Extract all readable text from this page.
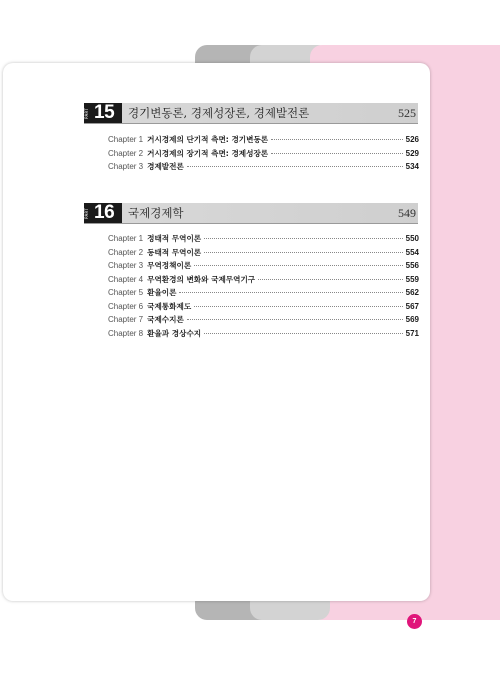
PART 15 경기변동론, 경제성장론, 경제발전론	525
Chapter 1 거시경제의 단기적 측면: 경기변동론	526
Chapter 2 거시경제의 장기적 측면: 경제성장론	529
Chapter 3 경제발전론	534
PART 16 국제경제학	549
Chapter 1 정태적 무역이론	550
Chapter 2 동태적 무역이론	554
Chapter 3 무역정책이론	556
Chapter 4 무역환경의 변화와 국제무역기구	559
Chapter 5 환율이론	562
Chapter 6 국제통화제도	567
Chapter 7 국제수지론	569
Chapter 8 환율과 경상수지	571
7
